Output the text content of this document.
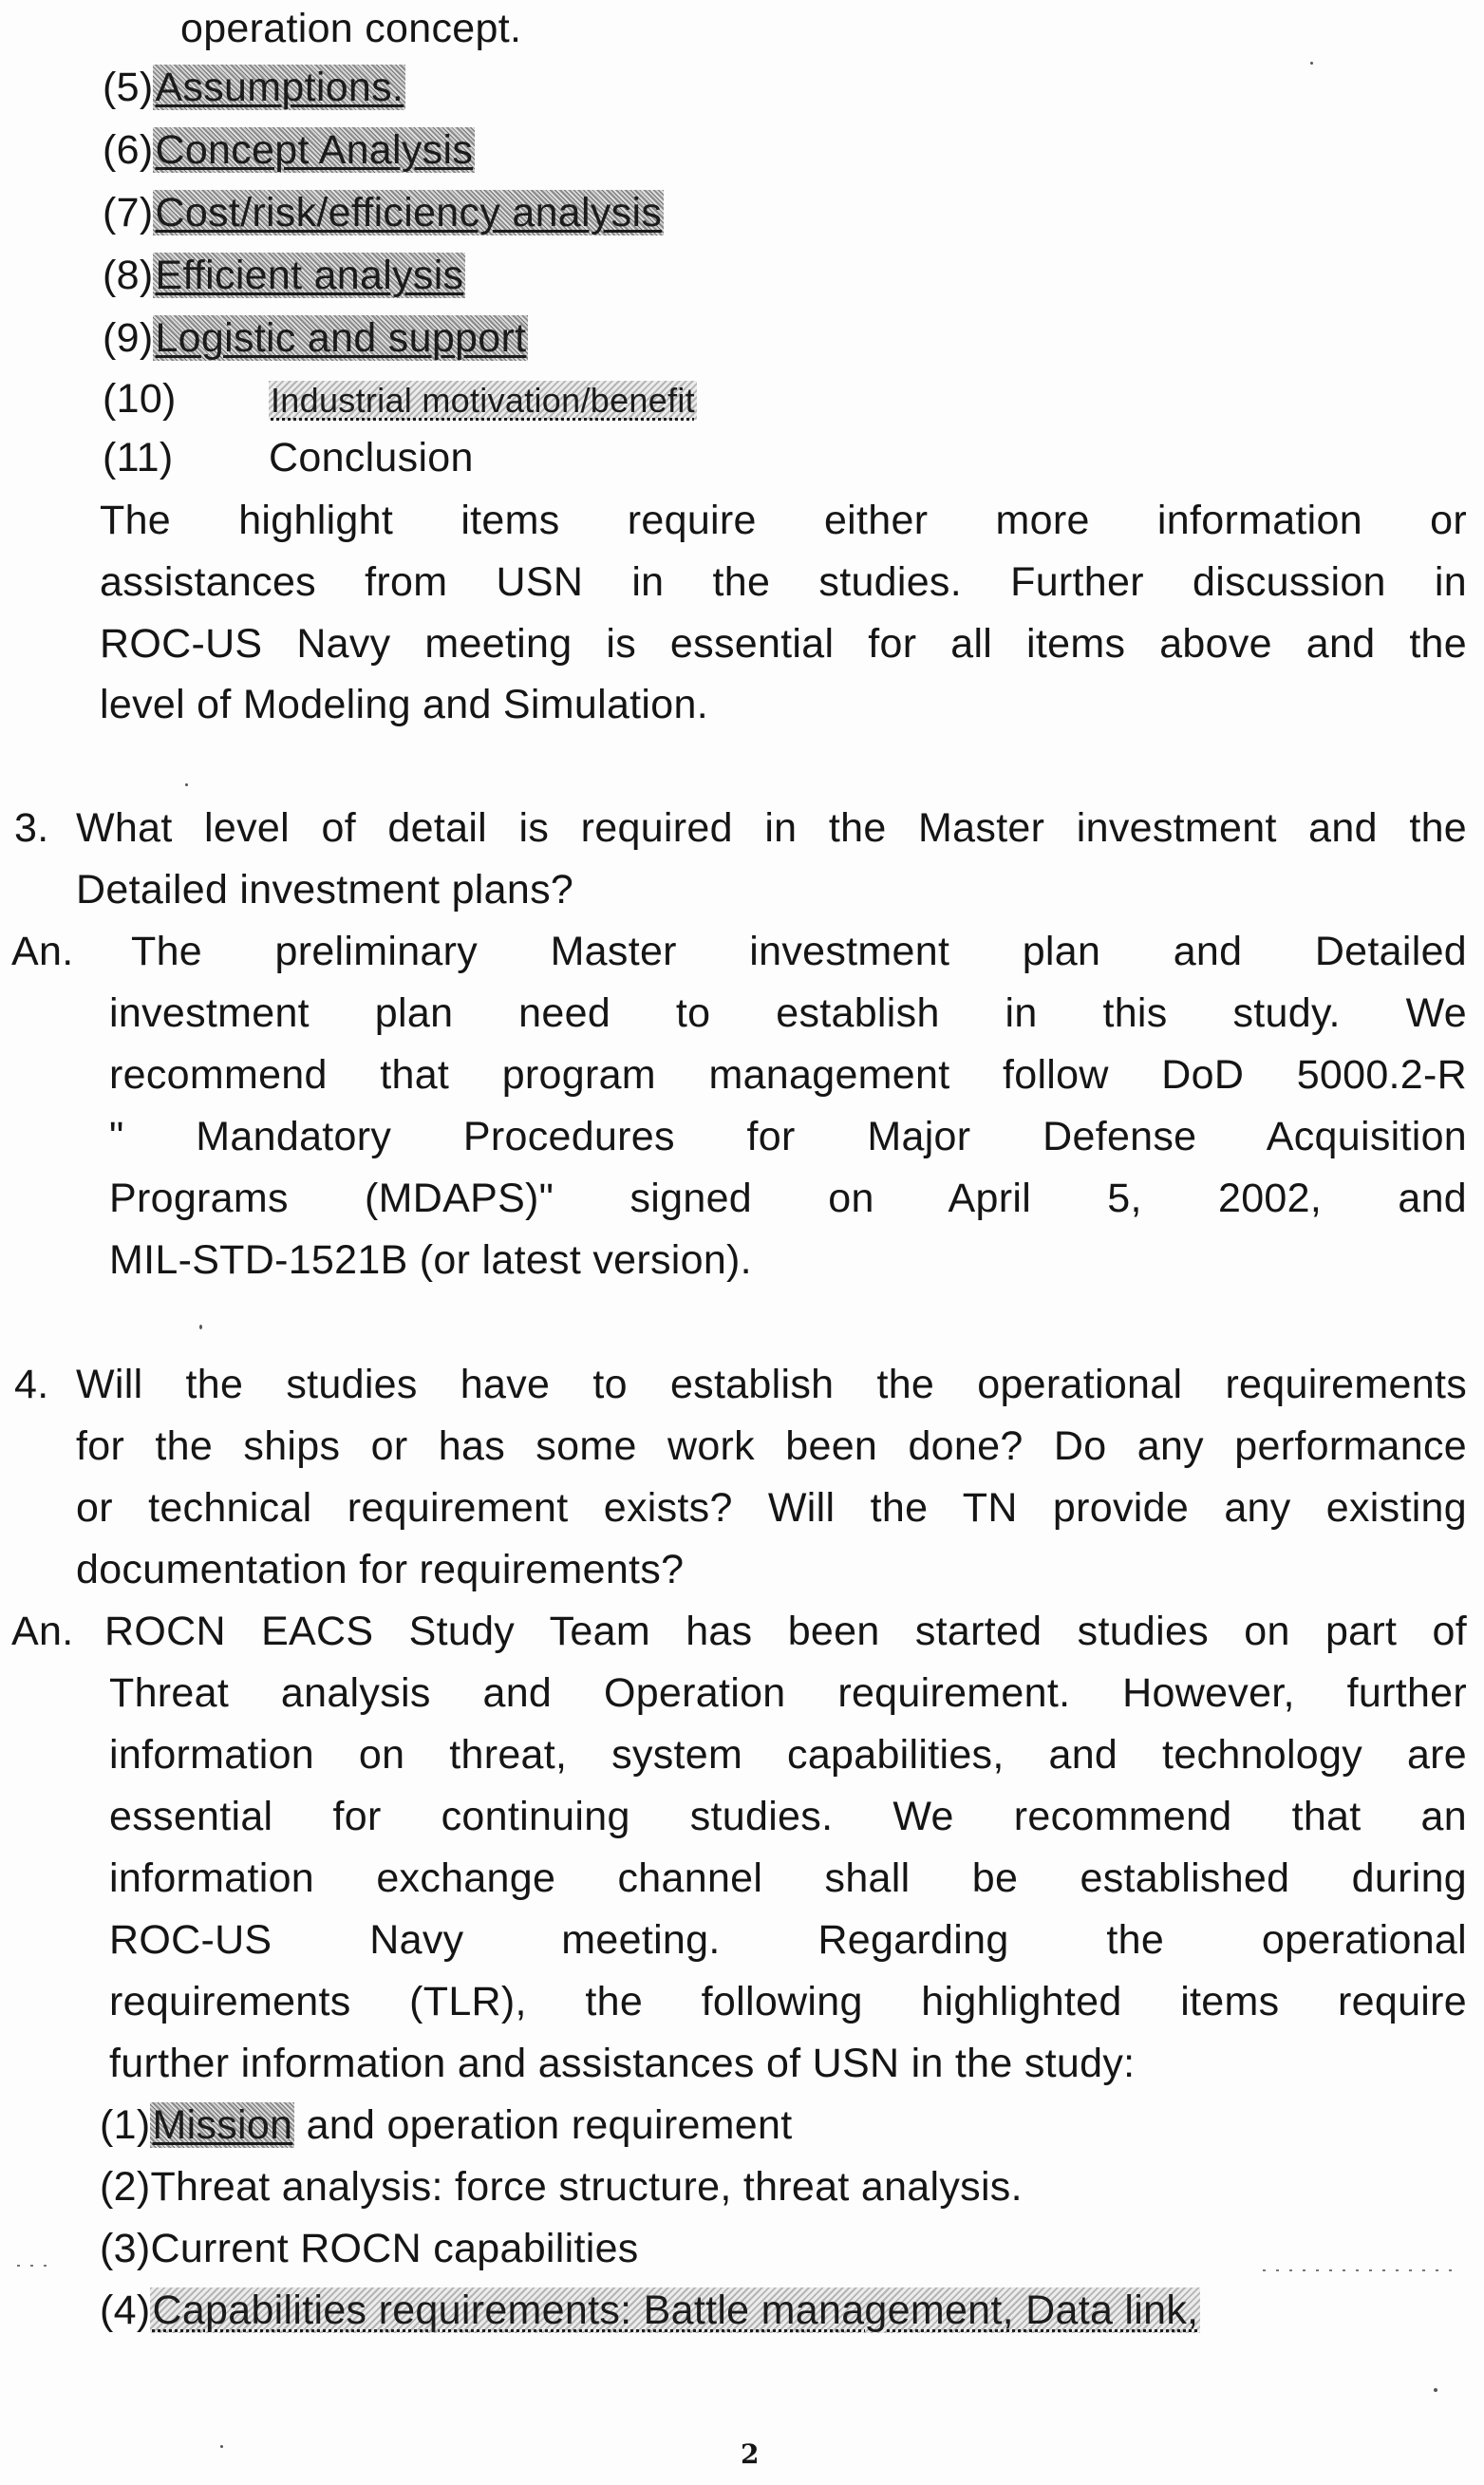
operation concept.
(5)Assumptions.
(6)Concept Analysis
(7)Cost/risk/efficiency analysis
(8)Efficient analysis
(9)Logistic and support
(10)	Industrial motivation/benefit
(11) Conclusion
The highlight items require either more information or
assistances from USN in the studies. Further discussion in
ROC-US Navy meeting is essential for all items above and the
level of Modeling and Simulation.
3. What level of detail is required in the Master investment and the
Detailed investment plans?
An. The preliminary Master investment plan and Detailed
investment plan need to establish in this study. We
recommend that program management follow DoD 5000.2-R
" Mandatory Procedures for Major Defense Acquisition
Programs (MDAPS)" signed on April 5, 2002, and
MIL-STD-1521B (or latest version).
4. Will the studies have to establish the operational requirements
for the ships or has some work been done? Do any performance
or technical requirement exists? Will the TN provide any existing
documentation for requirements?
An. ROCN EACS Study Team has been started studies on part of
Threat analysis and Operation requirement. However, further
information on threat, system capabilities, and technology are
essential for continuing studies. We recommend that an
information exchange channel shall be established during
ROC-US Navy meeting. Regarding the operational
requirements (TLR), the following highlighted items require
further information and assistances of USN in the study:
(1)Mission and operation requirement
(2)Threat analysis: force structure, threat analysis.
(3)Current ROCN capabilities
(4)Capabilities requirements: Battle management, Data link,
2
